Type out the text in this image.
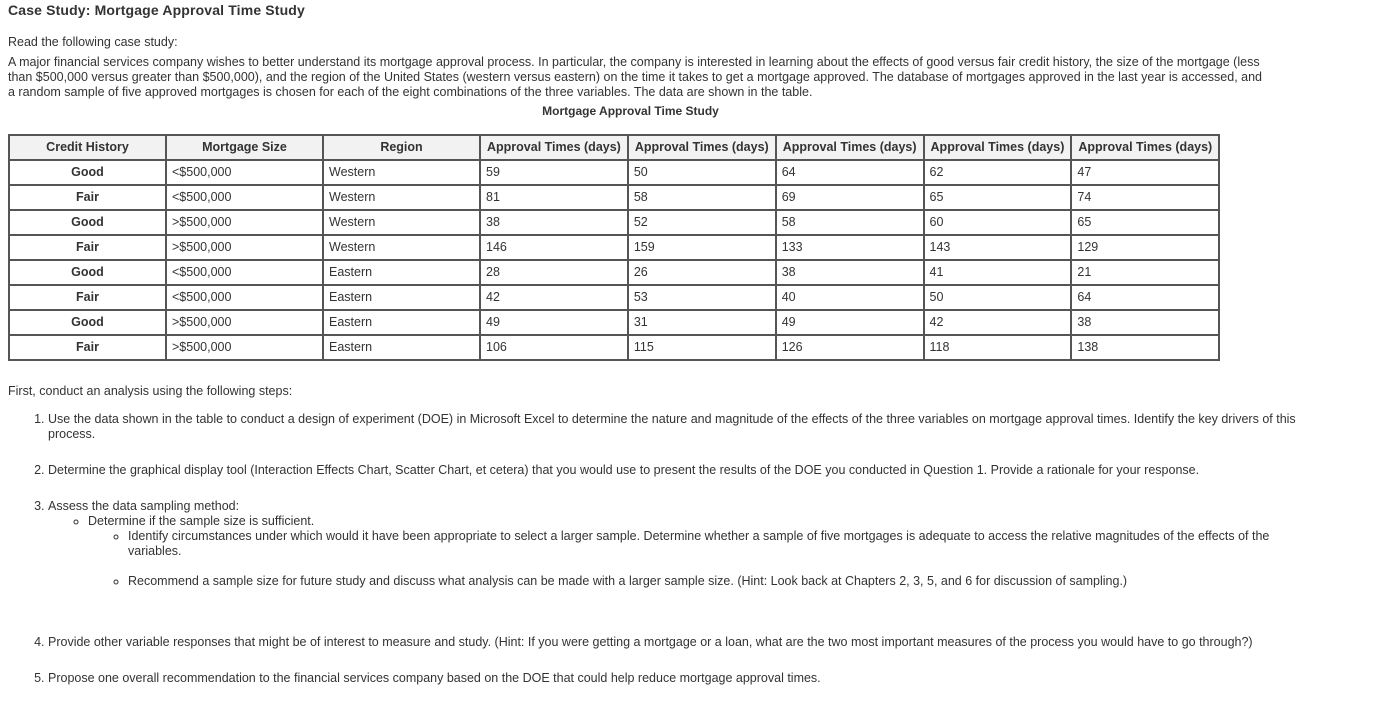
Case Study: Mortgage Approval Time Study

Read the following case study:

A major financial services company wishes to better understand its mortgage approval process. In particular, the company is interested in learning about the effects of good versus fair credit history, the size of the mortgage (less than $500,000 versus greater than $500,000), and the region of the United States (western versus eastern) on the time it takes to get a mortgage approved. The database of mortgages approved in the last year is accessed, and a random sample of five approved mortgages is chosen for each of the eight combinations of the three variables. The data are shown in the table.

Mortgage Approval Time Study
Credit History	Mortgage Size	Region	Approval Times (days)	Approval Times (days)	Approval Times (days)	Approval Times (days)	Approval Times (days)
Good	<$500,000	Western	59	50	64	62	47
Fair	<$500,000	Western	81	58	69	65	74
Good	>$500,000	Western	38	52	58	60	65
Fair	>$500,000	Western	146	159	133	143	129
Good	<$500,000	Eastern	28	26	38	41	21
Fair	<$500,000	Eastern	42	53	40	50	64
Good	>$500,000	Eastern	49	31	49	42	38
Fair	>$500,000	Eastern	106	115	126	118	138
First, conduct an analysis using the following steps:
1. Use the data shown in the table to conduct a design of experiment (DOE) in Microsoft Excel to determine the nature and magnitude of the effects of the three variables on mortgage approval times. Identify the key drivers of this process.
2. Determine the graphical display tool (Interaction Effects Chart, Scatter Chart, et cetera) that you would use to present the results of the DOE you conducted in Question 1. Provide a rationale for your response.
3. Assess the data sampling method:
◦ Determine if the sample size is sufficient.
◦ Identify circumstances under which would it have been appropriate to select a larger sample. Determine whether a sample of five mortgages is adequate to access the relative magnitudes of the effects of the variables.
◦ Recommend a sample size for future study and discuss what analysis can be made with a larger sample size. (Hint: Look back at Chapters 2, 3, 5, and 6 for discussion of sampling.)
4. Provide other variable responses that might be of interest to measure and study. (Hint: If you were getting a mortgage or a loan, what are the two most important measures of the process you would have to go through?)
5. Propose one overall recommendation to the financial services company based on the DOE that could help reduce mortgage approval times.
